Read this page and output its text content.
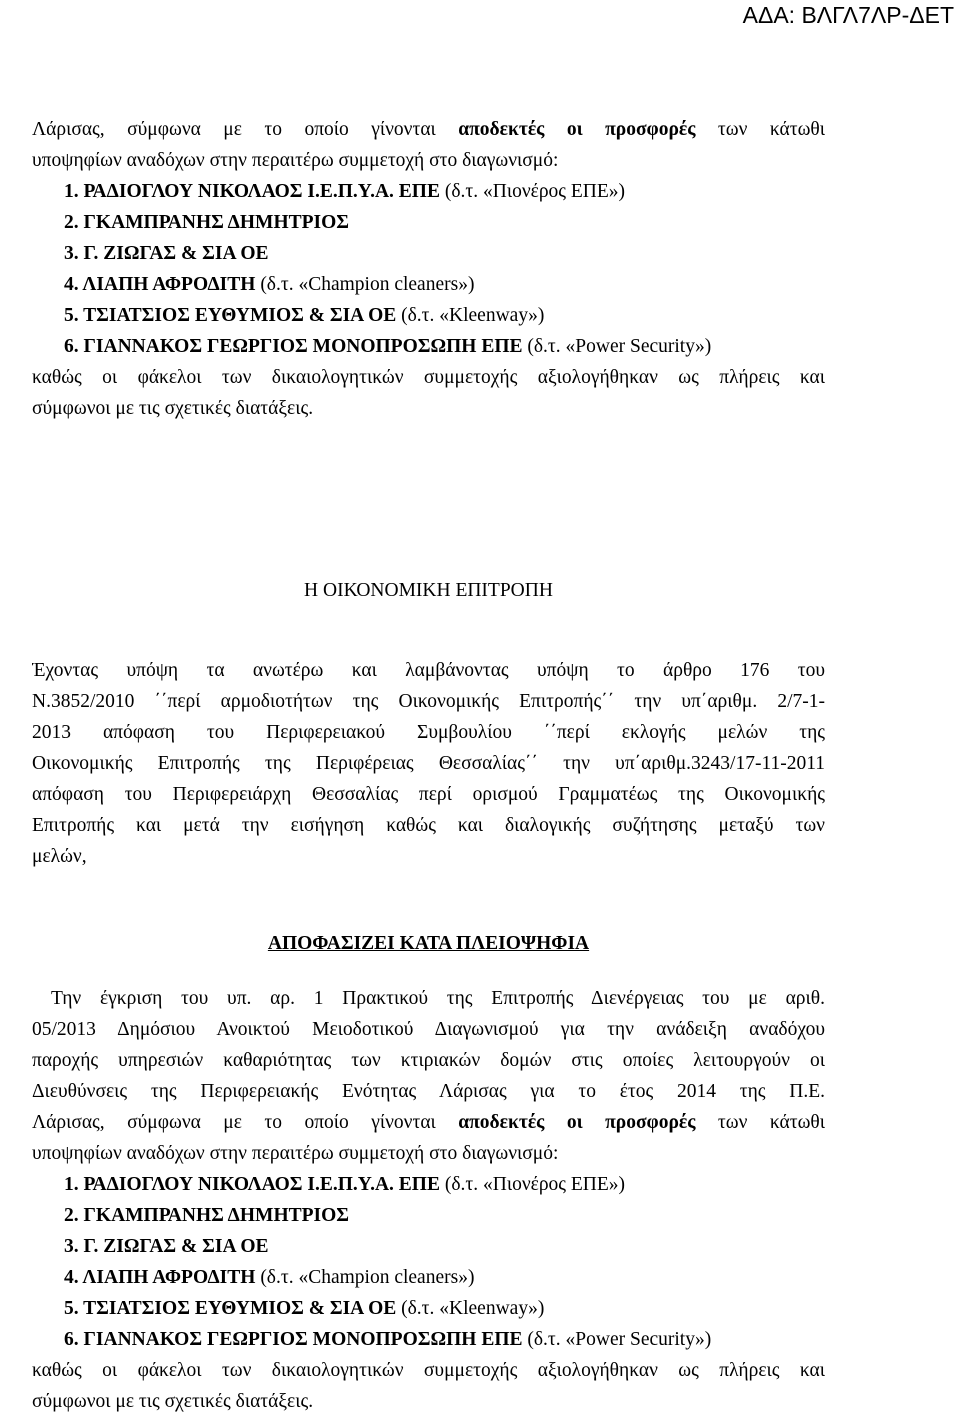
ΑΔΑ: ΒΛΓΛ7ΛΡ-ΔΕΤ
Λάρισας, σύμφωνα με το οποίο γίνονται αποδεκτές οι προσφορές των κάτωθι
υποψηφίων αναδόχων στην περαιτέρω συμμετοχή στο διαγωνισμό:
1. ΡΑΔΙΟΓΛΟΥ ΝΙΚΟΛΑΟΣ Ι.Ε.Π.Υ.Α. ΕΠΕ (δ.τ. «Πιονέρος ΕΠΕ»)
2. ΓΚΑΜΠΡΑΝΗΣ ΔΗΜΗΤΡΙΟΣ
3. Γ. ΖΙΩΓΑΣ & ΣΙΑ ΟΕ
4. ΛΙΑΠΗ ΑΦΡΟΔΙΤΗ (δ.τ. «Champion cleaners»)
5. ΤΣΙΑΤΣΙΟΣ ΕΥΘΥΜΙΟΣ & ΣΙΑ ΟΕ (δ.τ. «Kleenway»)
6. ΓΙΑΝΝΑΚΟΣ ΓΕΩΡΓΙΟΣ ΜΟΝΟΠΡΟΣΩΠΗ ΕΠΕ (δ.τ. «Power Security»)
καθώς οι φάκελοι των δικαιολογητικών συμμετοχής αξιολογήθηκαν ως πλήρεις και
σύμφωνοι με τις σχετικές διατάξεις.
Η ΟΙΚΟΝΟΜΙΚΗ ΕΠΙΤΡΟΠΗ
Έχοντας υπόψη τα ανωτέρω και λαμβάνοντας υπόψη το άρθρο 176 του
Ν.3852/2010 ΄΄περί αρμοδιοτήτων της Οικονομικής Επιτροπής΄΄ την υπ΄αριθμ. 2/7-1-
2013 απόφαση του Περιφερειακού Συμβουλίου ΄΄περί εκλογής μελών της
Οικονομικής Επιτροπής της Περιφέρειας Θεσσαλίας΄΄ την υπ΄αριθμ.3243/17-11-2011
απόφαση του Περιφερειάρχη Θεσσαλίας περί ορισμού Γραμματέως της Οικονομικής
Επιτροπής και μετά την εισήγηση καθώς και διαλογικής συζήτησης μεταξύ των
μελών,
ΑΠΟΦΑΣΙΖΕΙ ΚΑΤΑ ΠΛΕΙΟΨΗΦΙΑ
Την έγκριση του υπ. αρ. 1 Πρακτικού της Επιτροπής Διενέργειας του με αριθ.
05/2013 Δημόσιου Ανοικτού Μειοδοτικού Διαγωνισμού για την ανάδειξη αναδόχου
παροχής υπηρεσιών καθαριότητας των κτιριακών δομών στις οποίες λειτουργούν οι
Διευθύνσεις της Περιφερειακής Ενότητας Λάρισας για το έτος 2014 της Π.Ε.
Λάρισας, σύμφωνα με το οποίο γίνονται αποδεκτές οι προσφορές των κάτωθι
υποψηφίων αναδόχων στην περαιτέρω συμμετοχή στο διαγωνισμό:
1. ΡΑΔΙΟΓΛΟΥ ΝΙΚΟΛΑΟΣ Ι.Ε.Π.Υ.Α. ΕΠΕ (δ.τ. «Πιονέρος ΕΠΕ»)
2. ΓΚΑΜΠΡΑΝΗΣ ΔΗΜΗΤΡΙΟΣ
3. Γ. ΖΙΩΓΑΣ & ΣΙΑ ΟΕ
4. ΛΙΑΠΗ ΑΦΡΟΔΙΤΗ (δ.τ. «Champion cleaners»)
5. ΤΣΙΑΤΣΙΟΣ ΕΥΘΥΜΙΟΣ & ΣΙΑ ΟΕ (δ.τ. «Kleenway»)
6. ΓΙΑΝΝΑΚΟΣ ΓΕΩΡΓΙΟΣ ΜΟΝΟΠΡΟΣΩΠΗ ΕΠΕ (δ.τ. «Power Security»)
καθώς οι φάκελοι των δικαιολογητικών συμμετοχής αξιολογήθηκαν ως πλήρεις και
σύμφωνοι με τις σχετικές διατάξεις.
